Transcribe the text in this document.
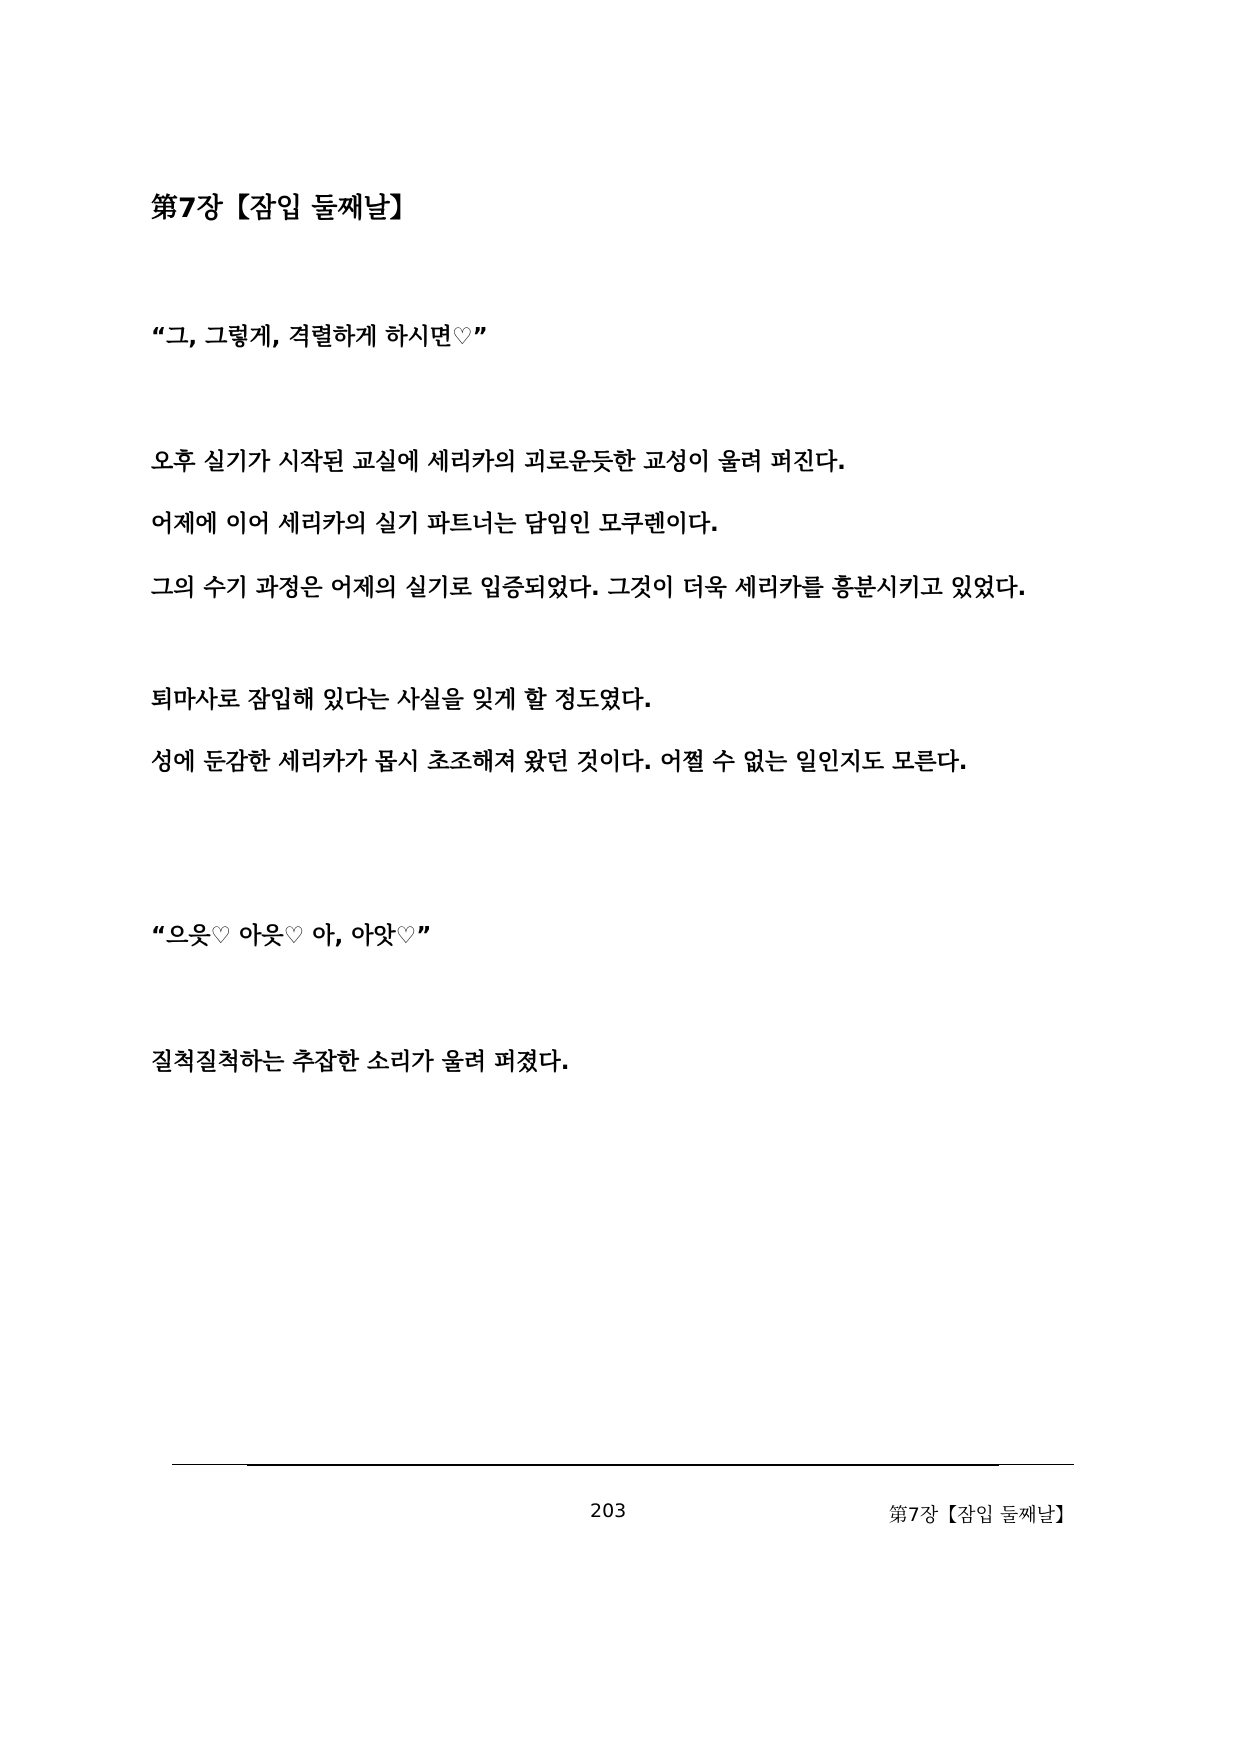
第7장【잠입 둘째날】

“그, 그렇게, 격렬하게 하시면♡”

오후 실기가 시작된 교실에 세리카의 괴로운듯한 교성이 울려 퍼진다.

어제에 이어 세리카의 실기 파트너는 담임인 모쿠렌이다.

그의 수기 과정은 어제의 실기로 입증되었다. 그것이 더욱 세리카를 흥분시키고 있었다.

퇴마사로 잠입해 있다는 사실을 잊게 할 정도였다.

성에 둔감한 세리카가 몹시 초조해져 왔던 것이다. 어쩔 수 없는 일인지도 모른다.

“으읏♡ 아읏♡ 아, 아앗♡”

질척질척하는 추잡한 소리가 울려 퍼졌다.

203	第7장【잠입 둘째날】
